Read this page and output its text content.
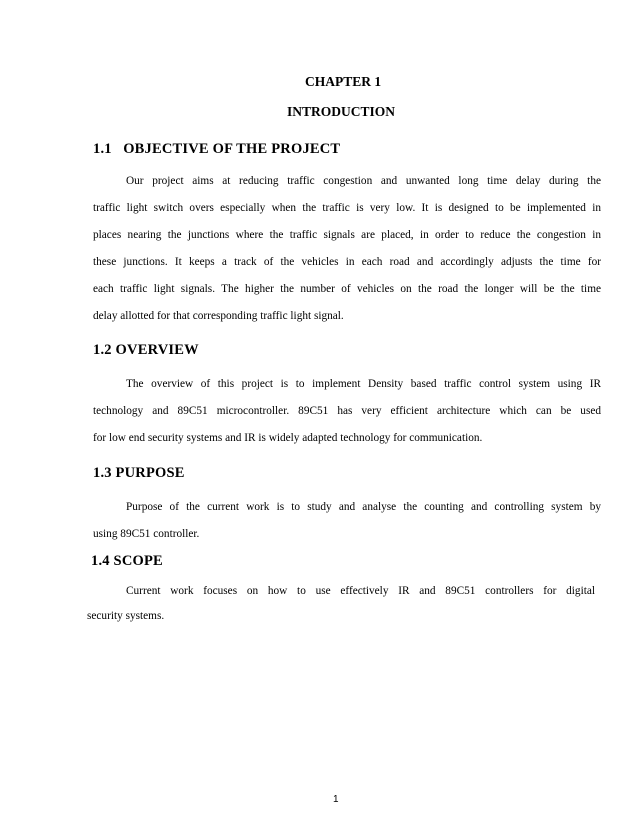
CHAPTER 1
INTRODUCTION
1.1   OBJECTIVE OF THE PROJECT
Our project aims at reducing traffic congestion and unwanted long time delay during the
traffic light switch overs especially when the traffic is very low. It is designed to be implemented in
places nearing the junctions where the traffic signals are placed, in order to reduce the congestion in
these junctions. It keeps a track of the vehicles in each road and accordingly adjusts the time for
each traffic light signals. The higher the number of vehicles on the road the longer will be the time
delay allotted for that corresponding traffic light signal.
1.2 OVERVIEW
The overview of this project is to implement Density based traffic control system using IR
technology and 89C51 microcontroller. 89C51 has very efficient architecture which can be used
for low end security systems and IR is widely adapted technology for communication.
1.3 PURPOSE
Purpose of the current work is to study and analyse the counting and controlling system by
using 89C51 controller.
1.4 SCOPE
Current work focuses on how to use effectively IR and 89C51 controllers for digital
security systems.
1
